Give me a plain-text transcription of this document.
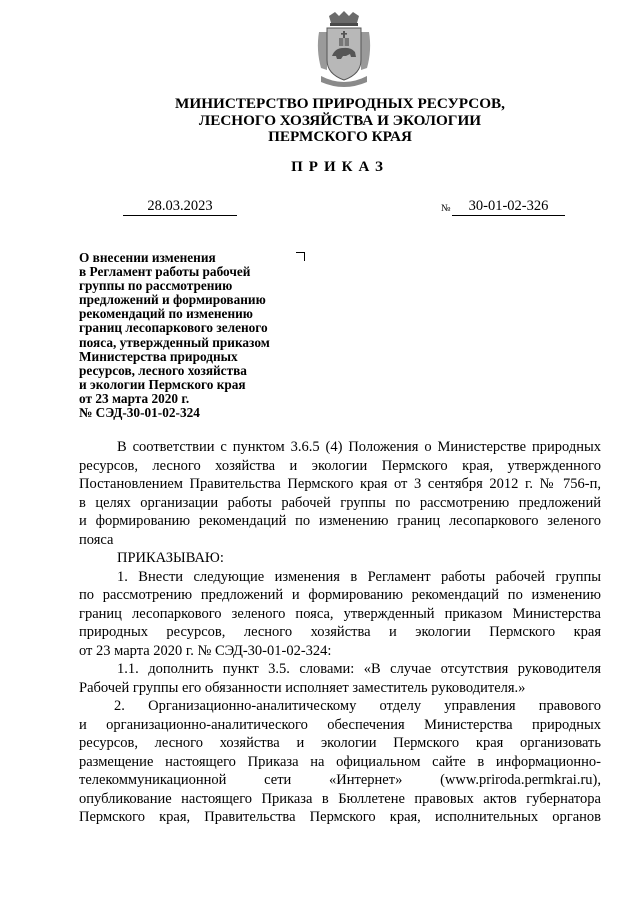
МИНИСТЕРСТВО ПРИРОДНЫХ РЕСУРСОВ,
ЛЕСНОГО ХОЗЯЙСТВА И ЭКОЛОГИИ
ПЕРМСКОГО КРАЯ
ПРИКАЗ
28.03.2023	№	30-01-02-326
О внесении изменения
в Регламент работы рабочей
группы по рассмотрению
предложений и формированию
рекомендаций по изменению
границ лесопаркового зеленого
пояса, утвержденный приказом
Министерства природных
ресурсов, лесного хозяйства
и экологии Пермского края
от 23 марта 2020 г.
№ СЭД-30-01-02-324
В соответствии с пунктом 3.6.5 (4) Положения о Министерстве природных
ресурсов, лесного хозяйства и экологии Пермского края, утвержденного
Постановлением Правительства Пермского края от 3 сентября 2012 г. № 756-п,
в целях организации работы рабочей группы по рассмотрению предложений
и формированию рекомендаций по изменению границ лесопаркового зеленого
пояса
ПРИКАЗЫВАЮ:
1. Внести следующие изменения в Регламент работы рабочей группы
по рассмотрению предложений и формированию рекомендаций по изменению
границ лесопаркового зеленого пояса, утвержденный приказом Министерства
природных ресурсов, лесного хозяйства и экологии Пермского края
от 23 марта 2020 г. № СЭД-30-01-02-324:
1.1. дополнить пункт 3.5. словами: «В случае отсутствия руководителя
Рабочей группы его обязанности исполняет заместитель руководителя.»
2. Организационно-аналитическому отделу управления правового
и организационно-аналитического обеспечения Министерства природных
ресурсов, лесного хозяйства и экологии Пермского края организовать
размещение настоящего Приказа на официальном сайте в информационно-
телекоммуникационной сети «Интернет» (www.priroda.permkrai.ru),
опубликование настоящего Приказа в Бюллетене правовых актов губернатора
Пермского края, Правительства Пермского края, исполнительных органов
